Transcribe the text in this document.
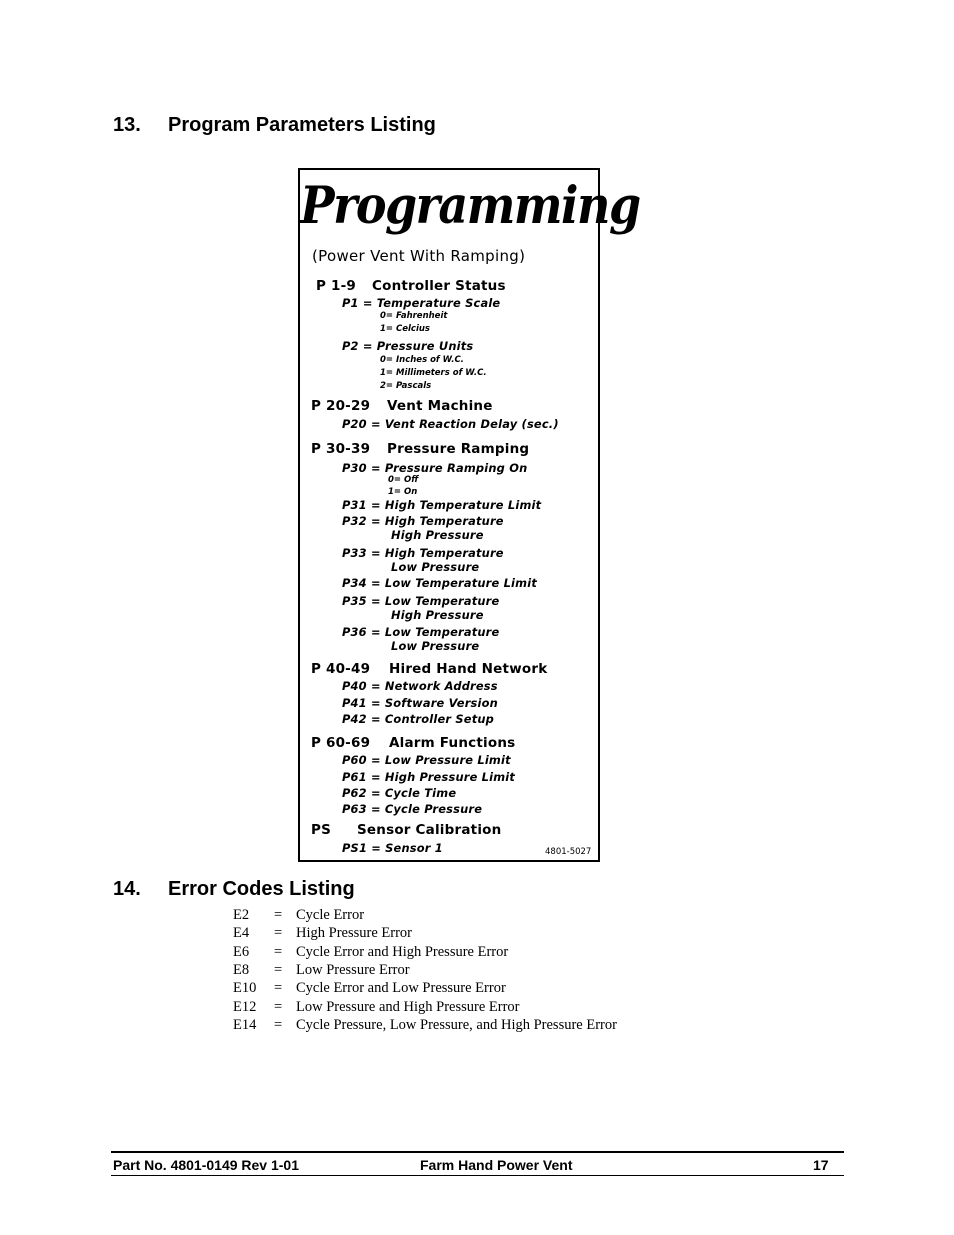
13. Program Parameters Listing
Programming
(Power Vent With Ramping)
P 1-9 Controller Status
P1 = Temperature Scale
0= Fahrenheit
1= Celcius
P2 = Pressure Units
0= Inches of W.C.
1= Millimeters of W.C.
2= Pascals
P 20-29 Vent Machine
P20 = Vent Reaction Delay (sec.)
P 30-39 Pressure Ramping
P30 = Pressure Ramping On
0= Off
1= On
P31 = High Temperature Limit
P32 = High Temperature
High Pressure
P33 = High Temperature
Low Pressure
P34 = Low Temperature Limit
P35 = Low Temperature
High Pressure
P36 = Low Temperature
Low Pressure
P 40-49 Hired Hand Network
P40 = Network Address
P41 = Software Version
P42 = Controller Setup
P 60-69 Alarm Functions
P60 = Low Pressure Limit
P61 = High Pressure Limit
P62 = Cycle Time
P63 = Cycle Pressure
PS Sensor Calibration
PS1 = Sensor 1	4801-5027
14. Error Codes Listing
E2 = Cycle Error
E4 = High Pressure Error
E6 = Cycle Error and High Pressure Error
E8 = Low Pressure Error
E10 = Cycle Error and Low Pressure Error
E12 = Low Pressure and High Pressure Error
E14 = Cycle Pressure, Low Pressure, and High Pressure Error
Part No. 4801-0149 Rev 1-01	Farm Hand Power Vent	17
